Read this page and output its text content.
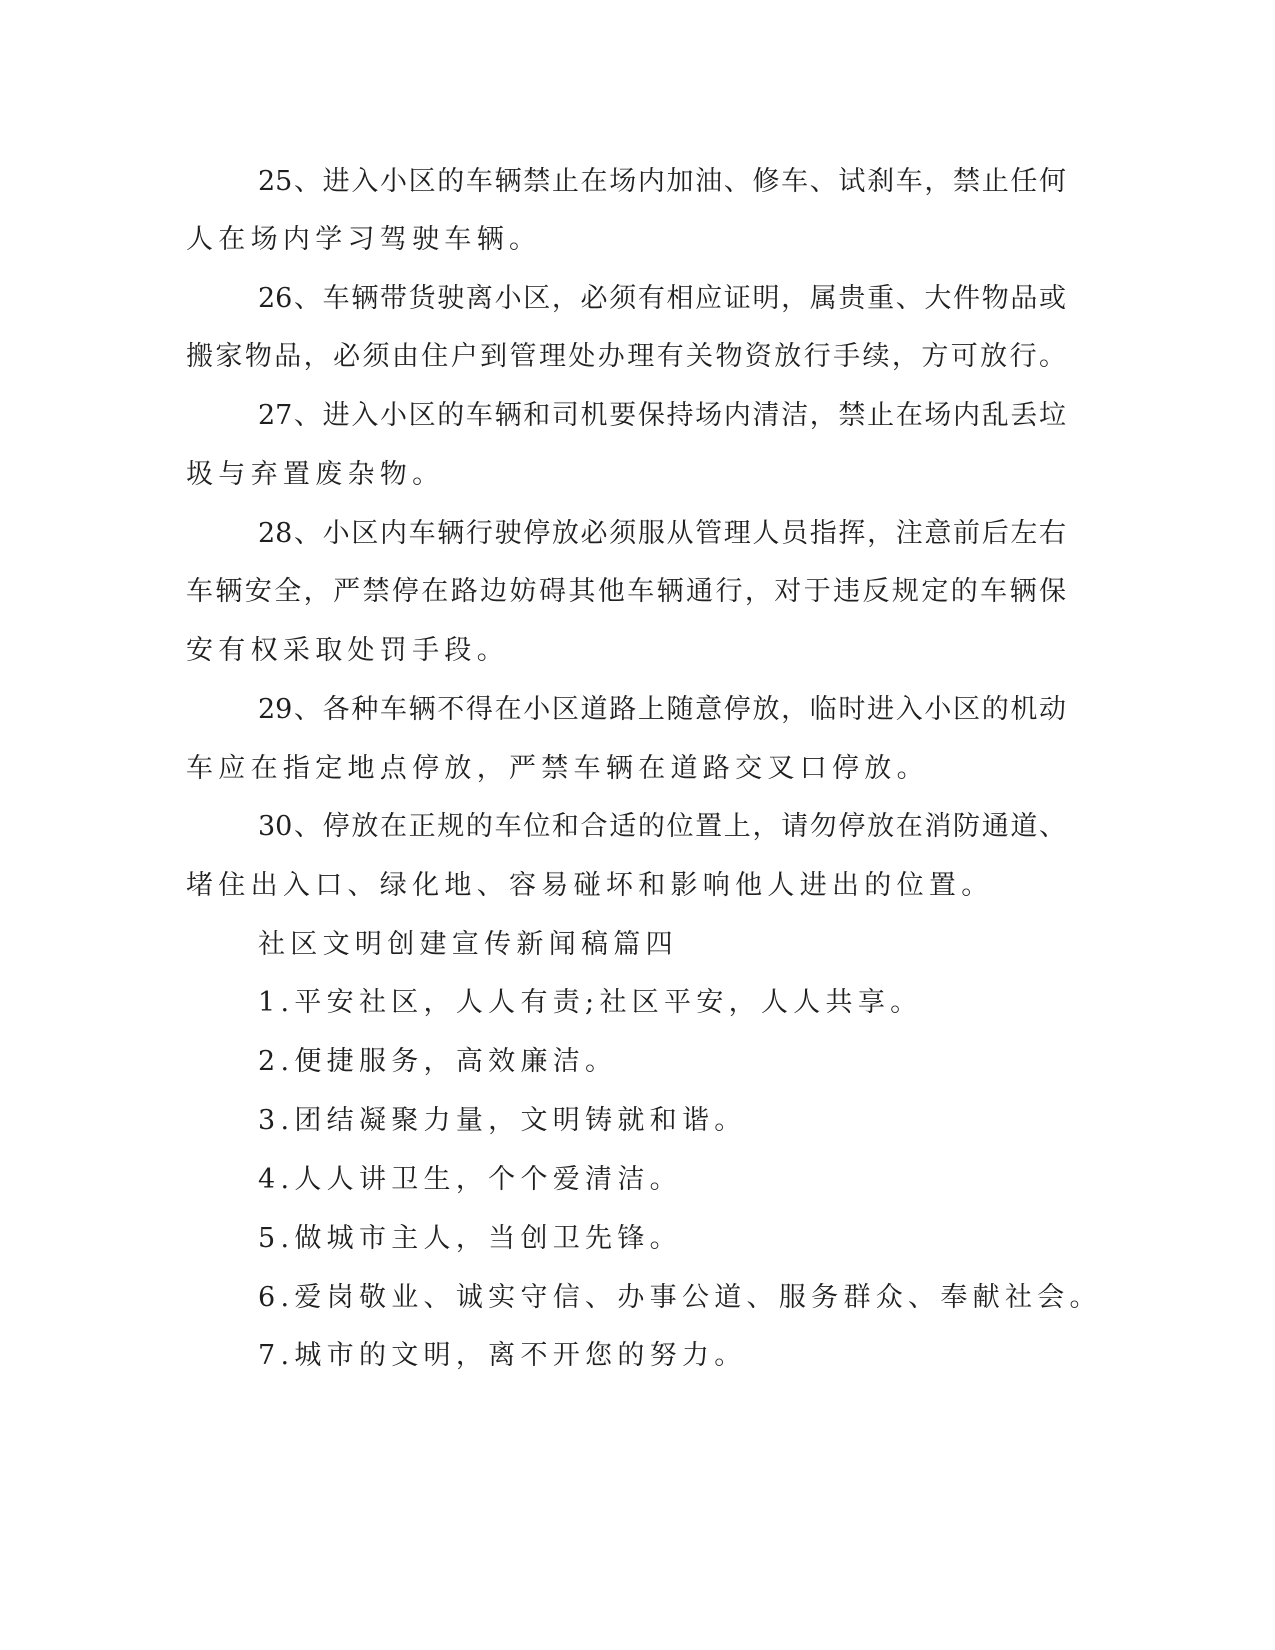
25、进入小区的车辆禁止在场内加油、修车、试刹车，禁止任何
人在场内学习驾驶车辆。
26、车辆带货驶离小区，必须有相应证明，属贵重、大件物品或
搬家物品，必须由住户到管理处办理有关物资放行手续，方可放行。
27、进入小区的车辆和司机要保持场内清洁，禁止在场内乱丢垃
圾与弃置废杂物。
28、小区内车辆行驶停放必须服从管理人员指挥，注意前后左右
车辆安全，严禁停在路边妨碍其他车辆通行，对于违反规定的车辆保
安有权采取处罚手段。
29、各种车辆不得在小区道路上随意停放，临时进入小区的机动
车应在指定地点停放，严禁车辆在道路交叉口停放。
30、停放在正规的车位和合适的位置上，请勿停放在消防通道、
堵住出入口、绿化地、容易碰坏和影响他人进出的位置。
社区文明创建宣传新闻稿篇四
1.平安社区，人人有责;社区平安，人人共享。
2.便捷服务，高效廉洁。
3.团结凝聚力量，文明铸就和谐。
4.人人讲卫生，个个爱清洁。
5.做城市主人，当创卫先锋。
6.爱岗敬业、诚实守信、办事公道、服务群众、奉献社会。
7.城市的文明，离不开您的努力。
